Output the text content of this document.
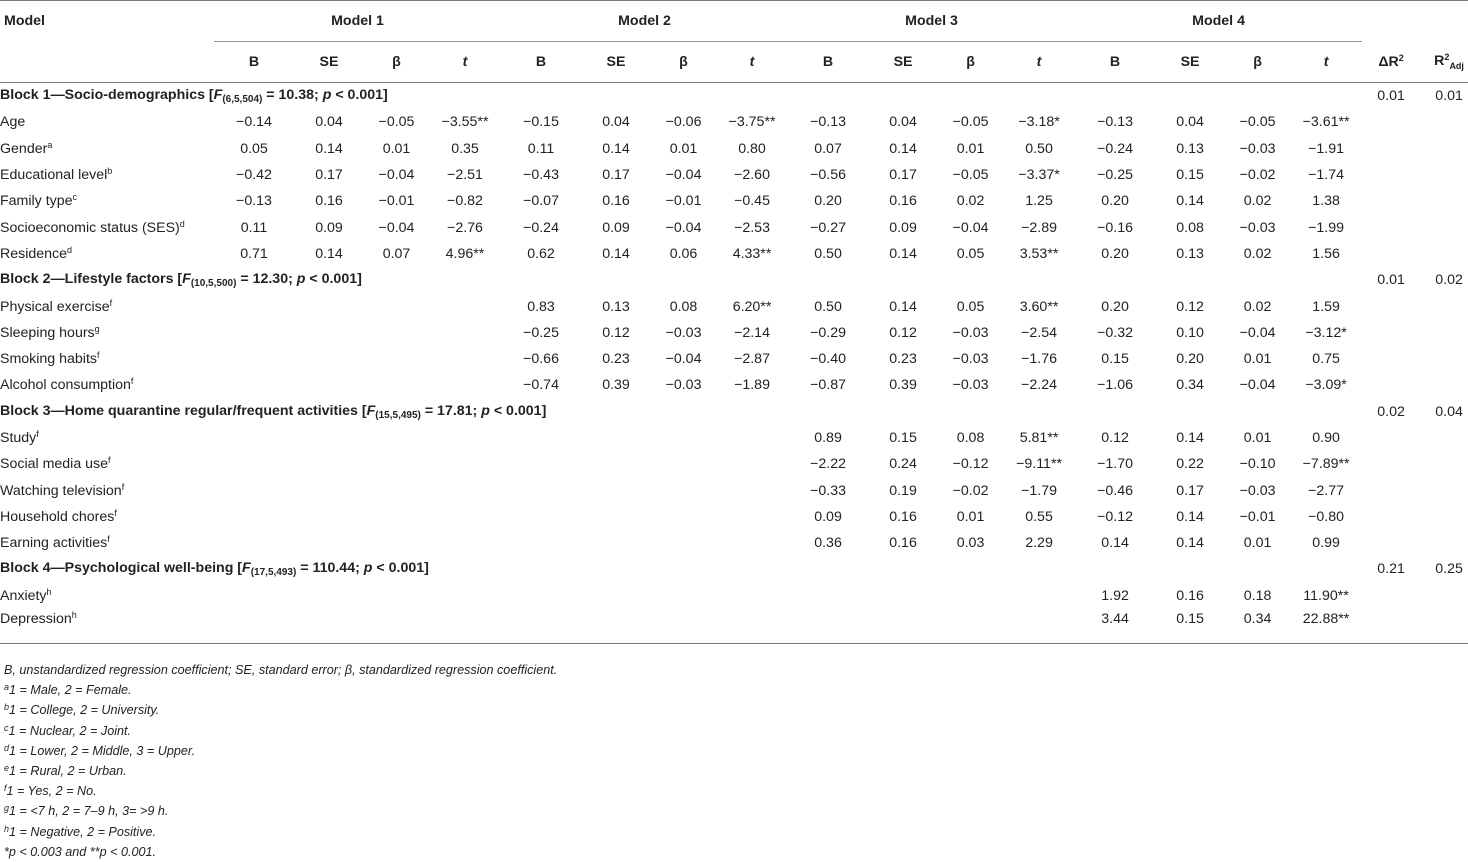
Model	Model 1				Model 2				Model 3				Model 4					
	B	SE	β	t	B	SE	β	t	B	SE	β	t	B	SE	β	t	$\Delta R^2$	$R^2_{Adj}$
Block 1—Socio-demographics [$F_{(6,5,504)} = 10.38$; p < 0.001]																	0.01	0.01
Age	−0.14	0.04	−0.05	−3.55**	−0.15	0.04	−0.06	−3.75**	−0.13	0.04	−0.05	−3.18*	−0.13	0.04	−0.05	−3.61**		
Gender$^a$	0.05	0.14	0.01	0.35	0.11	0.14	0.01	0.80	0.07	0.14	0.01	0.50	−0.24	0.13	−0.03	−1.91		
Educational level$^b$	−0.42	0.17	−0.04	−2.51	−0.43	0.17	−0.04	−2.60	−0.56	0.17	−0.05	−3.37*	−0.25	0.15	−0.02	−1.74		
Family type$^c$	−0.13	0.16	−0.01	−0.82	−0.07	0.16	−0.01	−0.45	0.20	0.16	0.02	1.25	0.20	0.14	0.02	1.38		
Socioeconomic status (SES)$^d$	0.11	0.09	−0.04	−2.76	−0.24	0.09	−0.04	−2.53	−0.27	0.09	−0.04	−2.89	−0.16	0.08	−0.03	−1.99		
Residence$^d$	0.71	0.14	0.07	4.96**	0.62	0.14	0.06	4.33**	0.50	0.14	0.05	3.53**	0.20	0.13	0.02	1.56		
Block 2—Lifestyle factors [$F_{(10,5,500)} = 12.30$; p < 0.001]																	0.01	0.02
Physical exercise$^f$					0.83	0.13	0.08	6.20**	0.50	0.14	0.05	3.60**	0.20	0.12	0.02	1.59		
Sleeping hours$^g$					−0.25	0.12	−0.03	−2.14	−0.29	0.12	−0.03	−2.54	−0.32	0.10	−0.04	−3.12*		
Smoking habits$^f$					−0.66	0.23	−0.04	−2.87	−0.40	0.23	−0.03	−1.76	0.15	0.20	0.01	0.75		
Alcohol consumption$^f$					−0.74	0.39	−0.03	−1.89	−0.87	0.39	−0.03	−2.24	−1.06	0.34	−0.04	−3.09*		
Block 3—Home quarantine regular/frequent activities [$F_{(15,5,495)} = 17.81$; p < 0.001]																	0.02	0.04
Study$^f$									0.89	0.15	0.08	5.81**	0.12	0.14	0.01	0.90		
Social media use$^f$									−2.22	0.24	−0.12	−9.11**	−1.70	0.22	−0.10	−7.89**		
Watching television$^f$									−0.33	0.19	−0.02	−1.79	−0.46	0.17	−0.03	−2.77		
Household chores$^f$									0.09	0.16	0.01	0.55	−0.12	0.14	−0.01	−0.80		
Earning activities$^f$									0.36	0.16	0.03	2.29	0.14	0.14	0.01	0.99		
Block 4—Psychological well-being [$F_{(17,5,493)} = 110.44$; p < 0.001]																	0.21	0.25
Anxiety$^h$													1.92	0.16	0.18	11.90**		
Depression$^h$													3.44	0.15	0.34	22.88**		
B, unstandardized regression coefficient; SE, standard error; β, standardized regression coefficient.
$^a$1 = Male, 2 = Female.
$^b$1 = College, 2 = University.
$^c$1 = Nuclear, 2 = Joint.
$^d$1 = Lower, 2 = Middle, 3 = Upper.
$^e$1 = Rural, 2 = Urban.
$^f$1 = Yes, 2 = No.
$^g$1 = <7 h, 2 = 7–9 h, 3= >9 h.
$^h$1 = Negative, 2 = Positive.
*p < 0.003 and **p < 0.001.
